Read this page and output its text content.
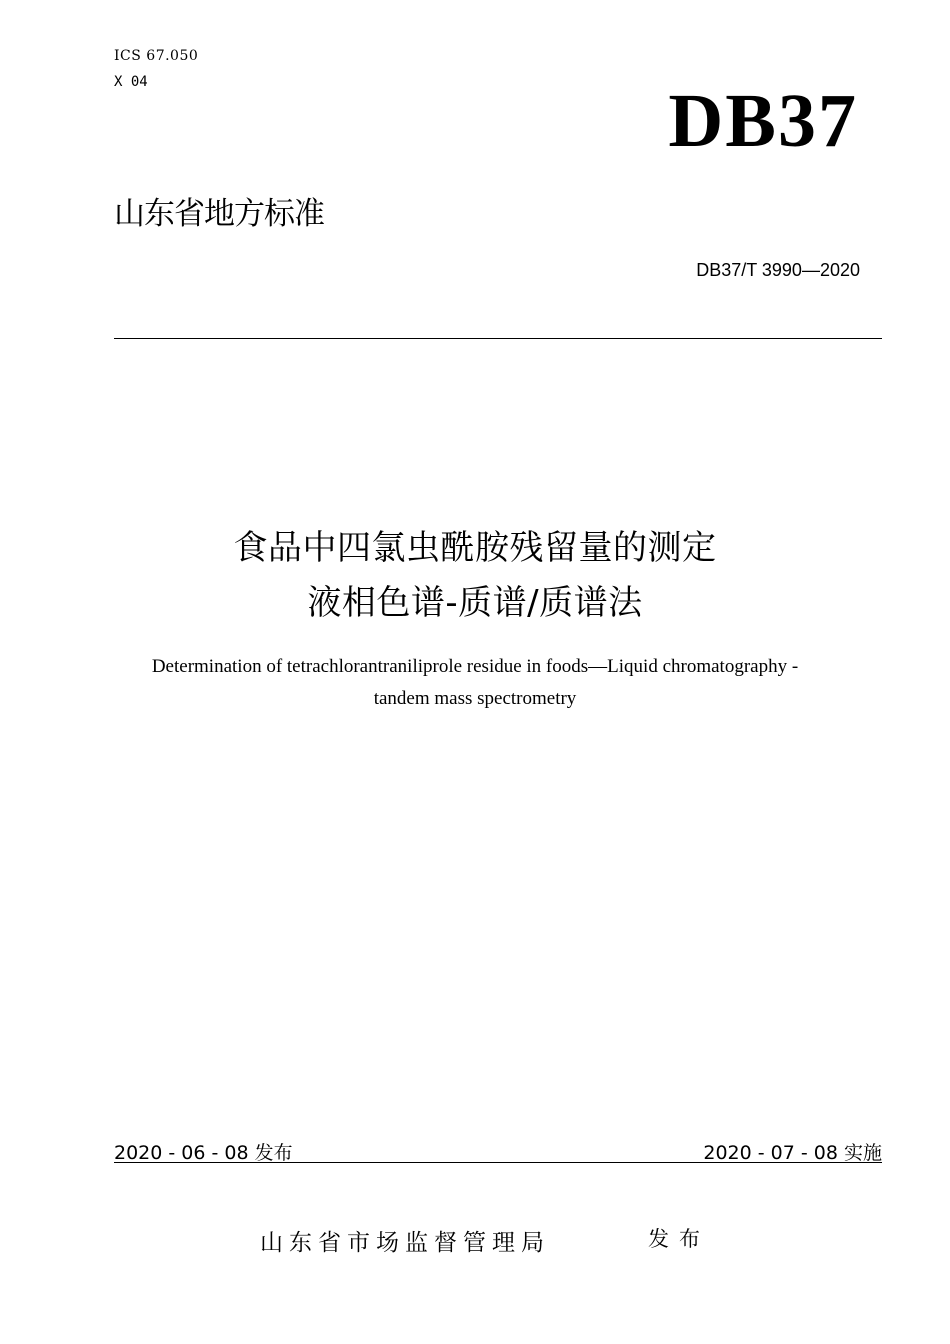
ICS 67.050
X 04	DB37
山东省地方标准
DB37/T 3990—2020
食品中四氯虫酰胺残留量的测定
液相色谱-质谱/质谱法
Determination of tetrachlorantraniliprole residue in foods—Liquid chromatography -
tandem mass spectrometry
2020 - 06 - 08 发布	2020 - 07 - 08 实施
山东省市场监督管理局	发布
